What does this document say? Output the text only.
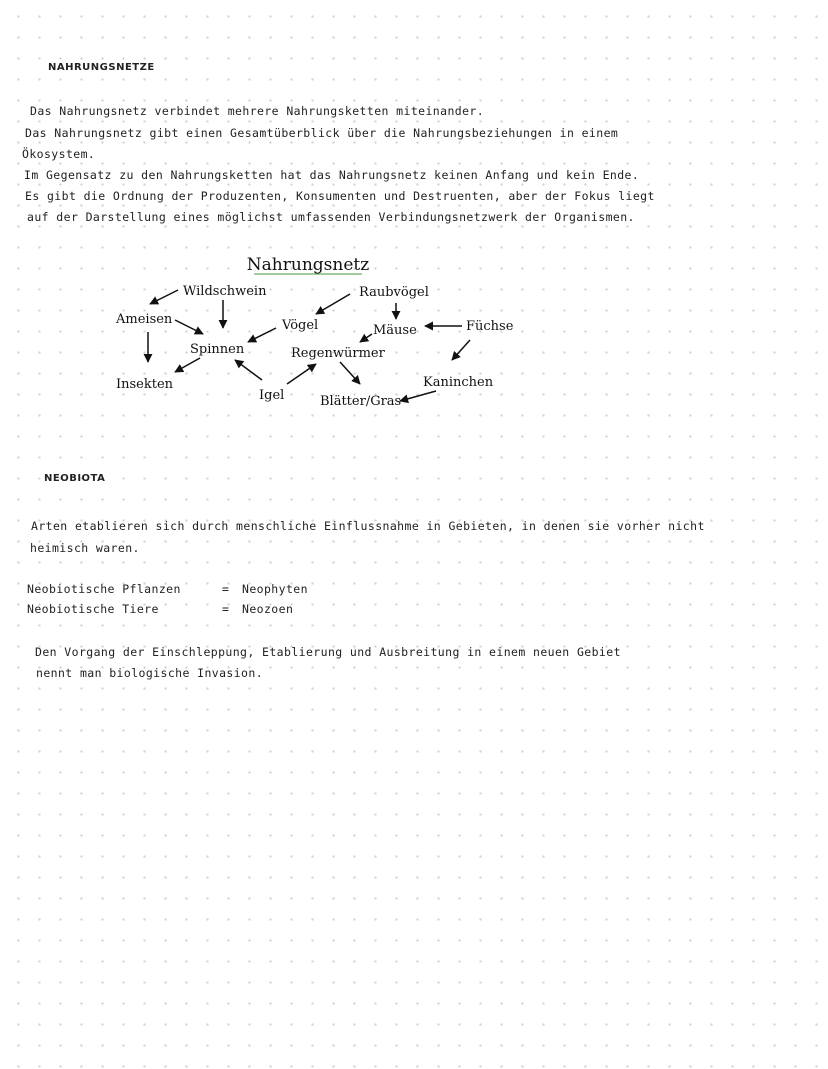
NAHRUNGSNETZE
Das Nahrungsnetz verbindet mehrere Nahrungsketten miteinander.
Das Nahrungsnetz gibt einen Gesamtüberblick über die Nahrungsbeziehungen in einem
Ökosystem.
Im Gegensatz zu den Nahrungsketten hat das Nahrungsnetz keinen Anfang und kein Ende.
Es gibt die Ordnung der Produzenten, Konsumenten und Destruenten, aber der Fokus liegt
auf der Darstellung eines möglichst umfassenden Verbindungsnetzwerk der Organismen.
Nahrungsnetz
Wildschwein	Raubvögel
Ameisen	Vögel	Mäuse	Füchse
Spinnen	Regenwürmer
Insekten	Kaninchen
Igel	Blätter/Gras
NEOBIOTA
Arten etablieren sich durch menschliche Einflussnahme in Gebieten, in denen sie vorher nicht
heimisch waren.
Neobiotische Pflanzen	= Neophyten
Neobiotische Tiere	= Neozoen
Den Vorgang der Einschleppung, Etablierung und Ausbreitung in einem neuen Gebiet
nennt man biologische Invasion.
